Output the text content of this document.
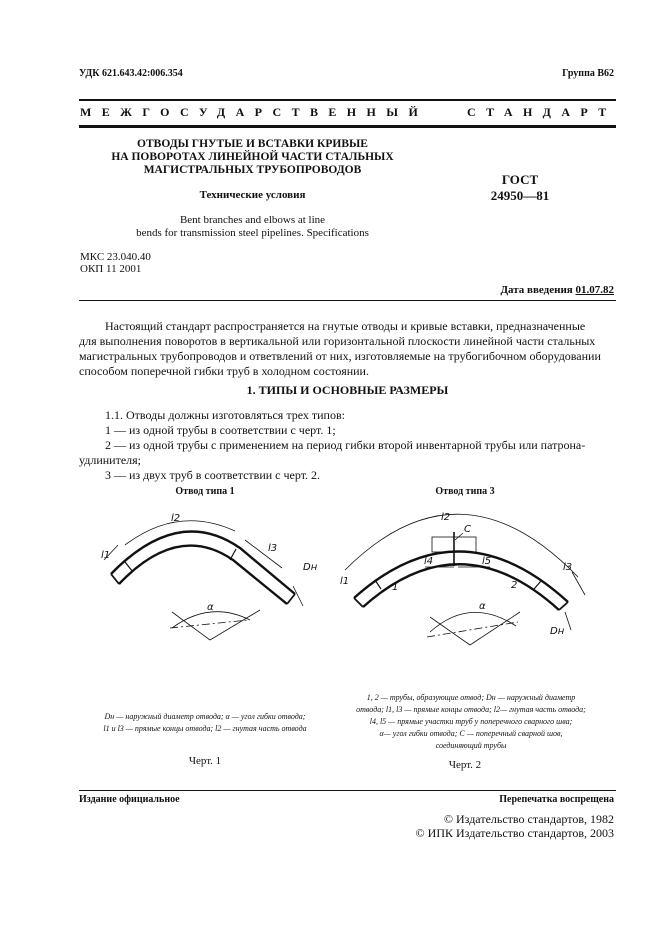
УДК 621.643.42:006.354	Группа В62
МЕЖГОСУДАРСТВЕННЫЙ	СТАНДАРТ
ОТВОДЫ ГНУТЫЕ И ВСТАВКИ КРИВЫЕ
НА ПОВОРОТАХ ЛИНЕЙНОЙ ЧАСТИ СТАЛЬНЫХ
МАГИСТРАЛЬНЫХ ТРУБОПРОВОДОВ
Технические условия
Bent branches and elbows at line
bends for transmission steel pipelines. Specifications
ГОСТ
24950—81
МКС 23.040.40
ОКП 11 2001
Дата введения 01.07.82
Настоящий стандарт распространяется на гнутые отводы и кривые вставки, предназначенные
для выполнения поворотов в вертикальной или горизонтальной плоскости линейной части стальных
магистральных трубопроводов и ответвлений от них, изготовляемые на трубогибочном оборудовании
способом поперечной гибки труб в холодном состоянии.
1. ТИПЫ И ОСНОВНЫЕ РАЗМЕРЫ
1.1. Отводы должны изготовляться трех типов:
1 — из одной трубы в соответствии с черт. 1;
2 — из одной трубы с применением на период гибки второй инвентарной трубы или патрона-
удлинителя;
3 — из двух труб в соответствии с черт. 2.
Отвод типа 1	Отвод типа 3
l2
l1
l3
Dн
α
l2
C
l4	l5
l1
l3
1	2
Dн
α
Dн — наружный диаметр отвода; α — угол гибки отвода;
l1 и l3 — прямые концы отвода; l2 — гнутая часть отвода
Черт. 1
1, 2 — трубы, образующие отвод; Dн — наружный диаметр
отвода; l1, l3 — прямые концы отвода; l2— гнутая часть отвода;
l4, l5 — прямые участки труб у поперечного сварного шва;
α— угол гибки отвода; C — поперечный сварной шов,
соединяющий трубы
Черт. 2
Издание официальное	Перепечатка воспрещена
© Издательство стандартов, 1982
© ИПК Издательство стандартов, 2003
